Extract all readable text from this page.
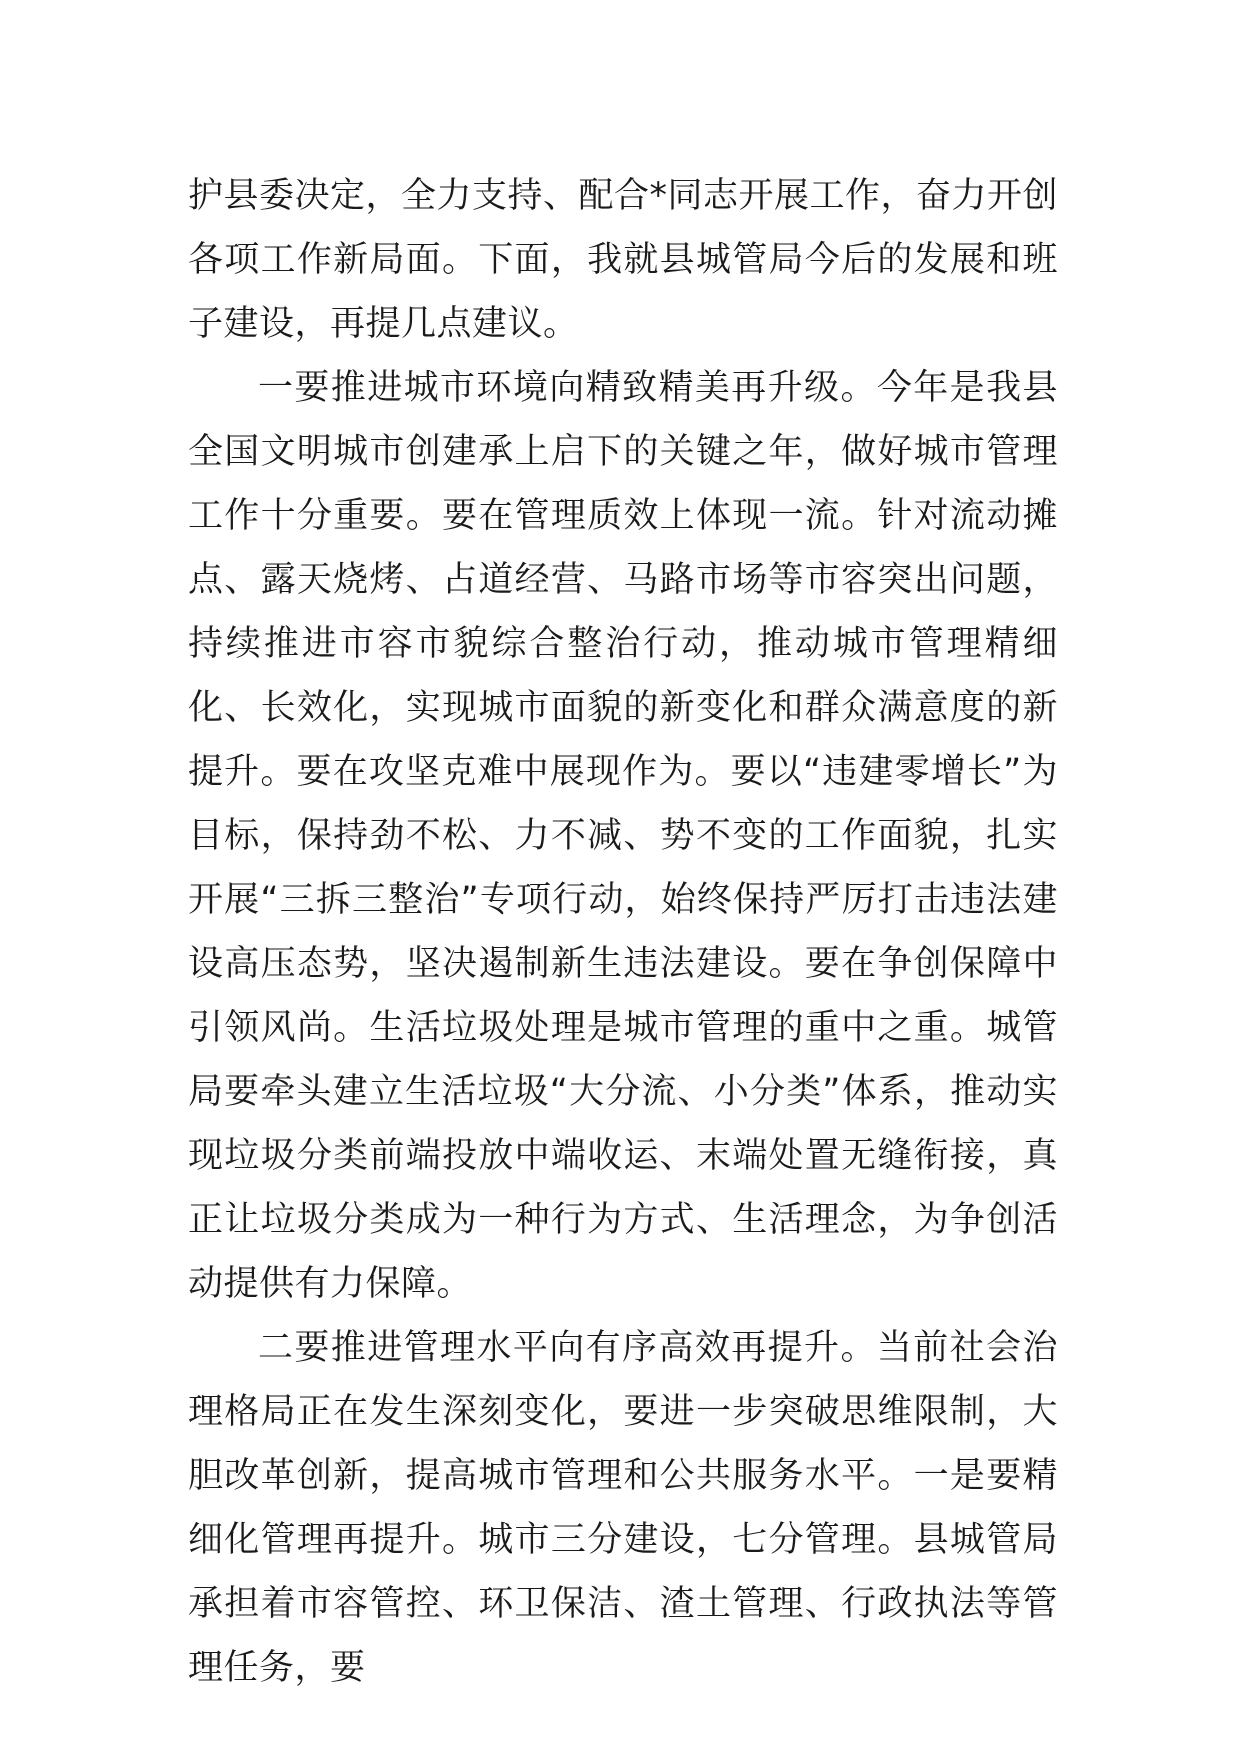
护县委决定，全力支持、配合*同志开展工作，奋力开创各项工作新局面。下面，我就县城管局今后的发展和班子建设，再提几点建议。

一要推进城市环境向精致精美再升级。今年是我县全国文明城市创建承上启下的关键之年，做好城市管理工作十分重要。要在管理质效上体现一流。针对流动摊点、露天烧烤、占道经营、马路市场等市容突出问题，持续推进市容市貌综合整治行动，推动城市管理精细化、长效化，实现城市面貌的新变化和群众满意度的新提升。要在攻坚克难中展现作为。要以“违建零增长”为目标，保持劲不松、力不减、势不变的工作面貌，扎实开展“三拆三整治”专项行动，始终保持严厉打击违法建设高压态势，坚决遏制新生违法建设。要在争创保障中引领风尚。生活垃圾处理是城市管理的重中之重。城管局要牵头建立生活垃圾“大分流、小分类”体系，推动实现垃圾分类前端投放中端收运、末端处置无缝衔接，真正让垃圾分类成为一种行为方式、生活理念，为争创活动提供有力保障。

二要推进管理水平向有序高效再提升。当前社会治理格局正在发生深刻变化，要进一步突破思维限制，大胆改革创新，提高城市管理和公共服务水平。一是要精细化管理再提升。城市三分建设，七分管理。县城管局承担着市容管控、环卫保洁、渣土管理、行政执法等管理任务，要
